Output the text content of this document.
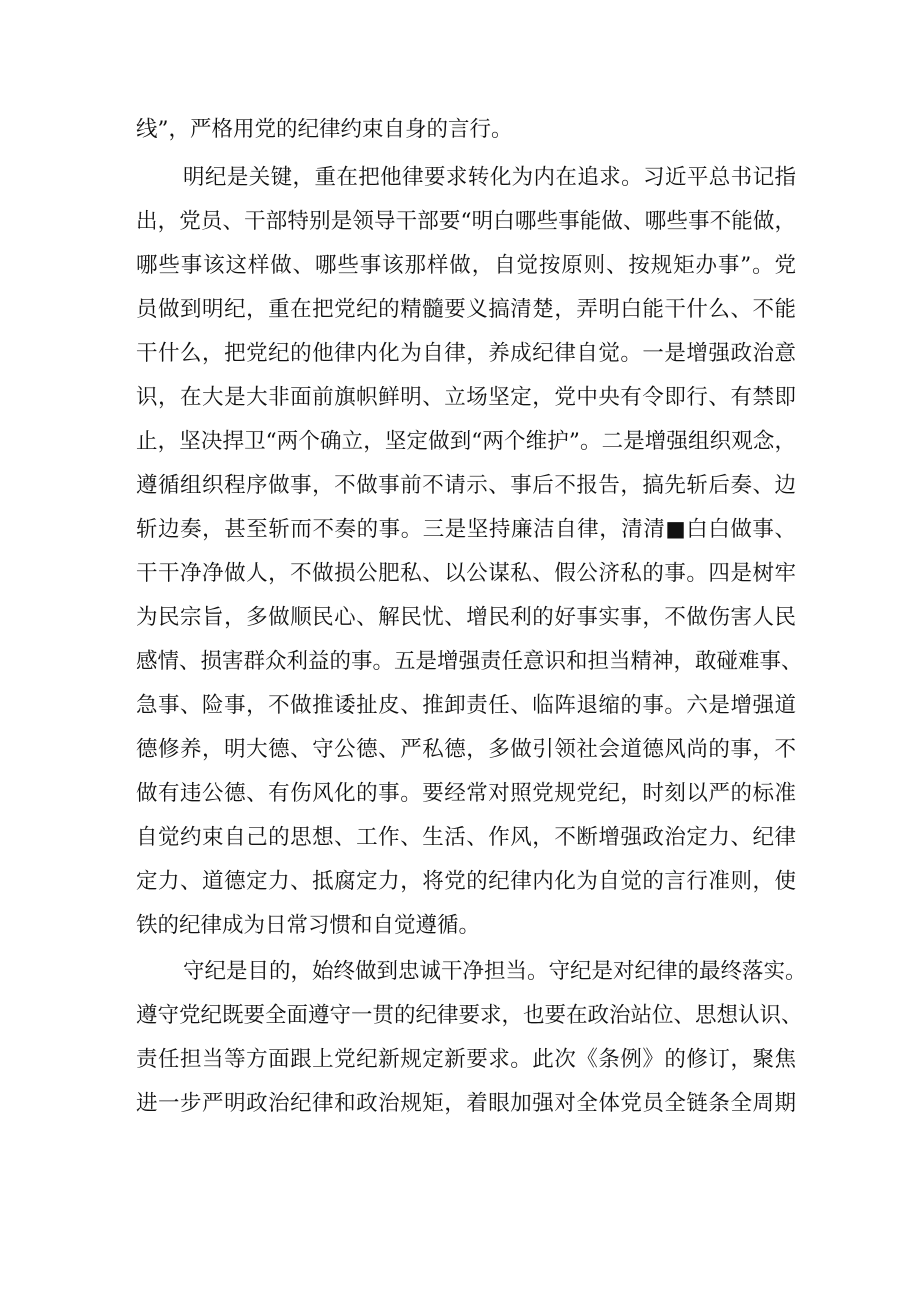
线”，严格用党的纪律约束自身的言行。
明纪是关键，重在把他律要求转化为内在追求。习近平总书记指
出，党员、干部特别是领导干部要“明白哪些事能做、哪些事不能做，
哪些事该这样做、哪些事该那样做，自觉按原则、按规矩办事”。党
员做到明纪，重在把党纪的精髓要义搞清楚，弄明白能干什么、不能
干什么，把党纪的他律内化为自律，养成纪律自觉。一是增强政治意
识，在大是大非面前旗帜鲜明、立场坚定，党中央有令即行、有禁即
止，坚决捍卫“两个确立，坚定做到“两个维护”。二是增强组织观念，
遵循组织程序做事，不做事前不请示、事后不报告，搞先斩后奏、边
斩边奏，甚至斩而不奏的事。三是坚持廉洁自律，清清■白白做事、
干干净净做人，不做损公肥私、以公谋私、假公济私的事。四是树牢
为民宗旨，多做顺民心、解民忧、增民利的好事实事，不做伤害人民
感情、损害群众利益的事。五是增强责任意识和担当精神，敢碰难事、
急事、险事，不做推诿扯皮、推卸责任、临阵退缩的事。六是增强道
德修养，明大德、守公德、严私德，多做引领社会道德风尚的事，不
做有违公德、有伤风化的事。要经常对照党规党纪，时刻以严的标准
自觉约束自己的思想、工作、生活、作风，不断增强政治定力、纪律
定力、道德定力、抵腐定力，将党的纪律内化为自觉的言行准则，使
铁的纪律成为日常习惯和自觉遵循。
守纪是目的，始终做到忠诚干净担当。守纪是对纪律的最终落实。
遵守党纪既要全面遵守一贯的纪律要求，也要在政治站位、思想认识、
责任担当等方面跟上党纪新规定新要求。此次《条例》的修订，聚焦
进一步严明政治纪律和政治规矩，着眼加强对全体党员全链条全周期
